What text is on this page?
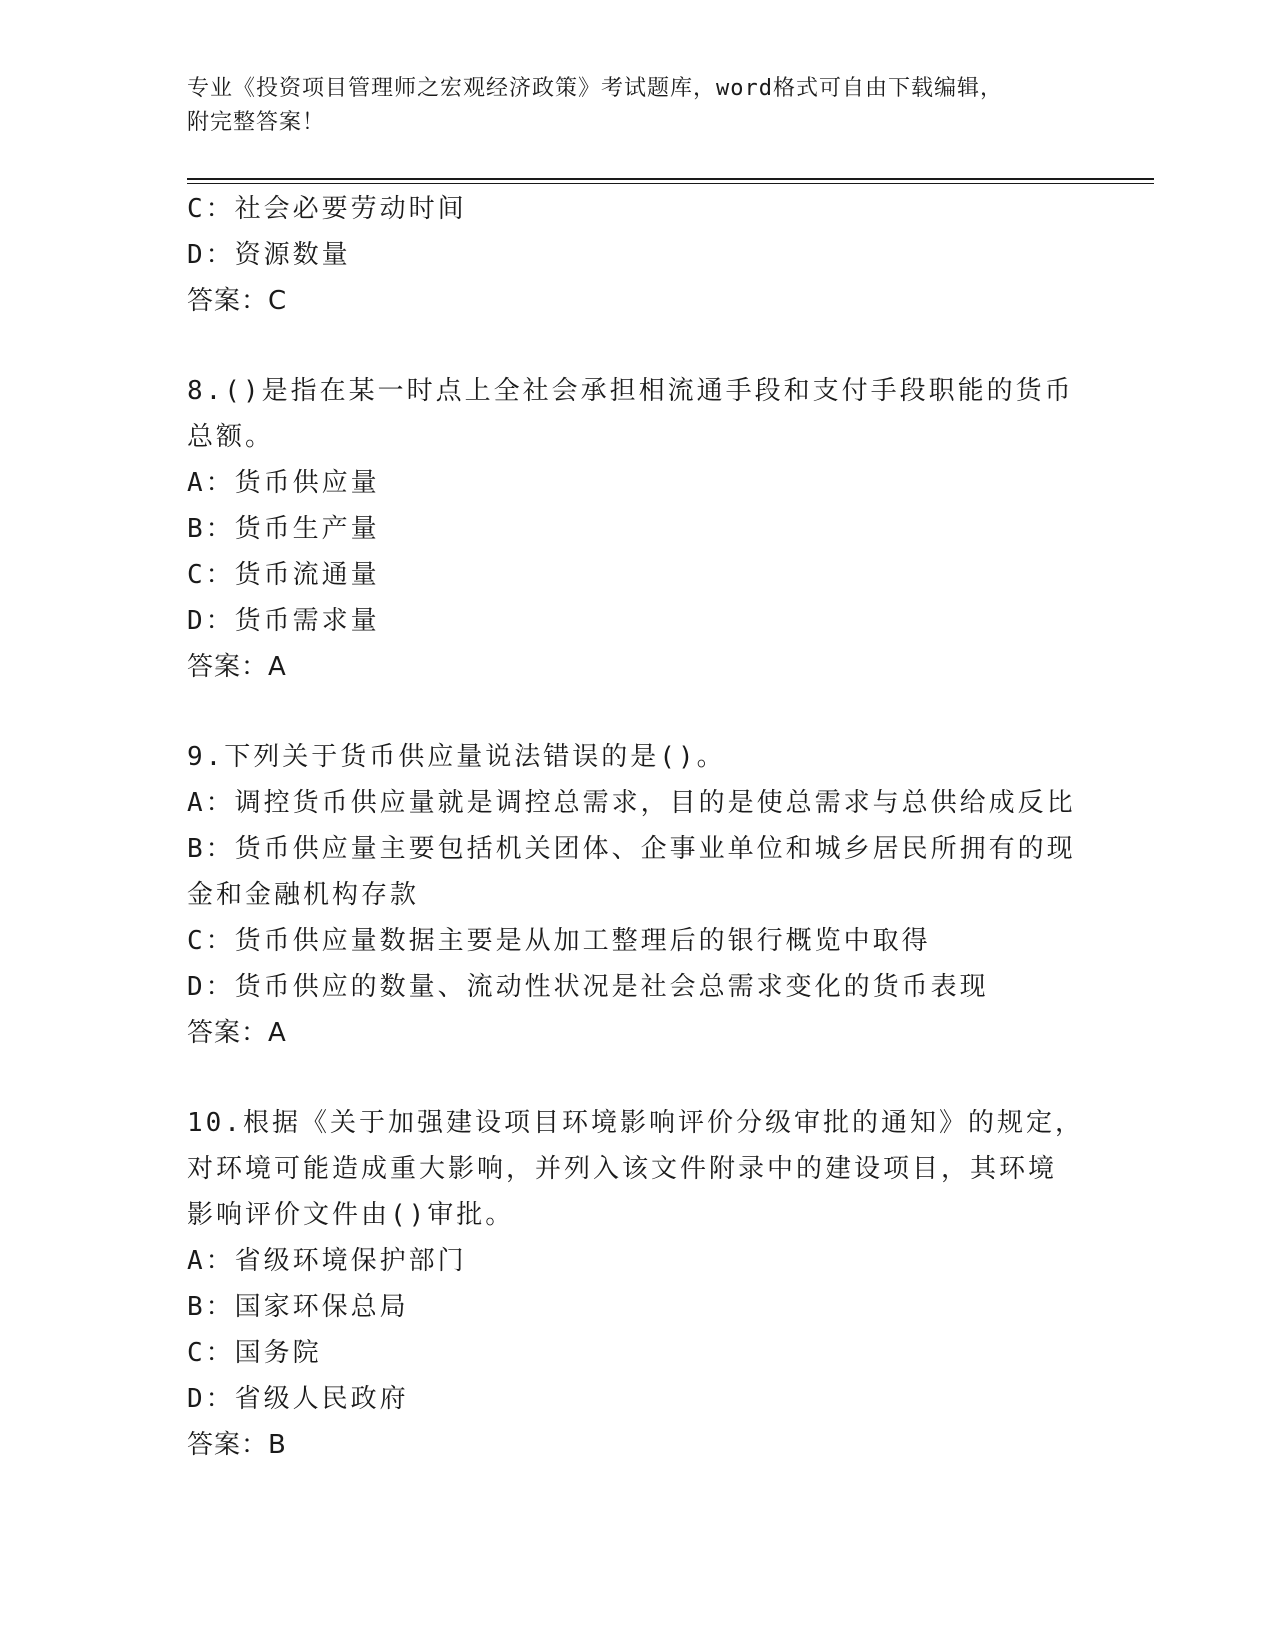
专业《投资项目管理师之宏观经济政策》考试题库，word格式可自由下载编辑，
附完整答案！
C：社会必要劳动时间
D：资源数量
答案：C
8.()是指在某一时点上全社会承担相流通手段和支付手段职能的货币
总额。
A：货币供应量
B：货币生产量
C：货币流通量
D：货币需求量
答案：A
9.下列关于货币供应量说法错误的是()。
A：调控货币供应量就是调控总需求，目的是使总需求与总供给成反比
B：货币供应量主要包括机关团体、企事业单位和城乡居民所拥有的现
金和金融机构存款
C：货币供应量数据主要是从加工整理后的银行概览中取得
D：货币供应的数量、流动性状况是社会总需求变化的货币表现
答案：A
10.根据《关于加强建设项目环境影响评价分级审批的通知》的规定，
对环境可能造成重大影响，并列入该文件附录中的建设项目，其环境
影响评价文件由()审批。
A：省级环境保护部门
B：国家环保总局
C：国务院
D：省级人民政府
答案：B
